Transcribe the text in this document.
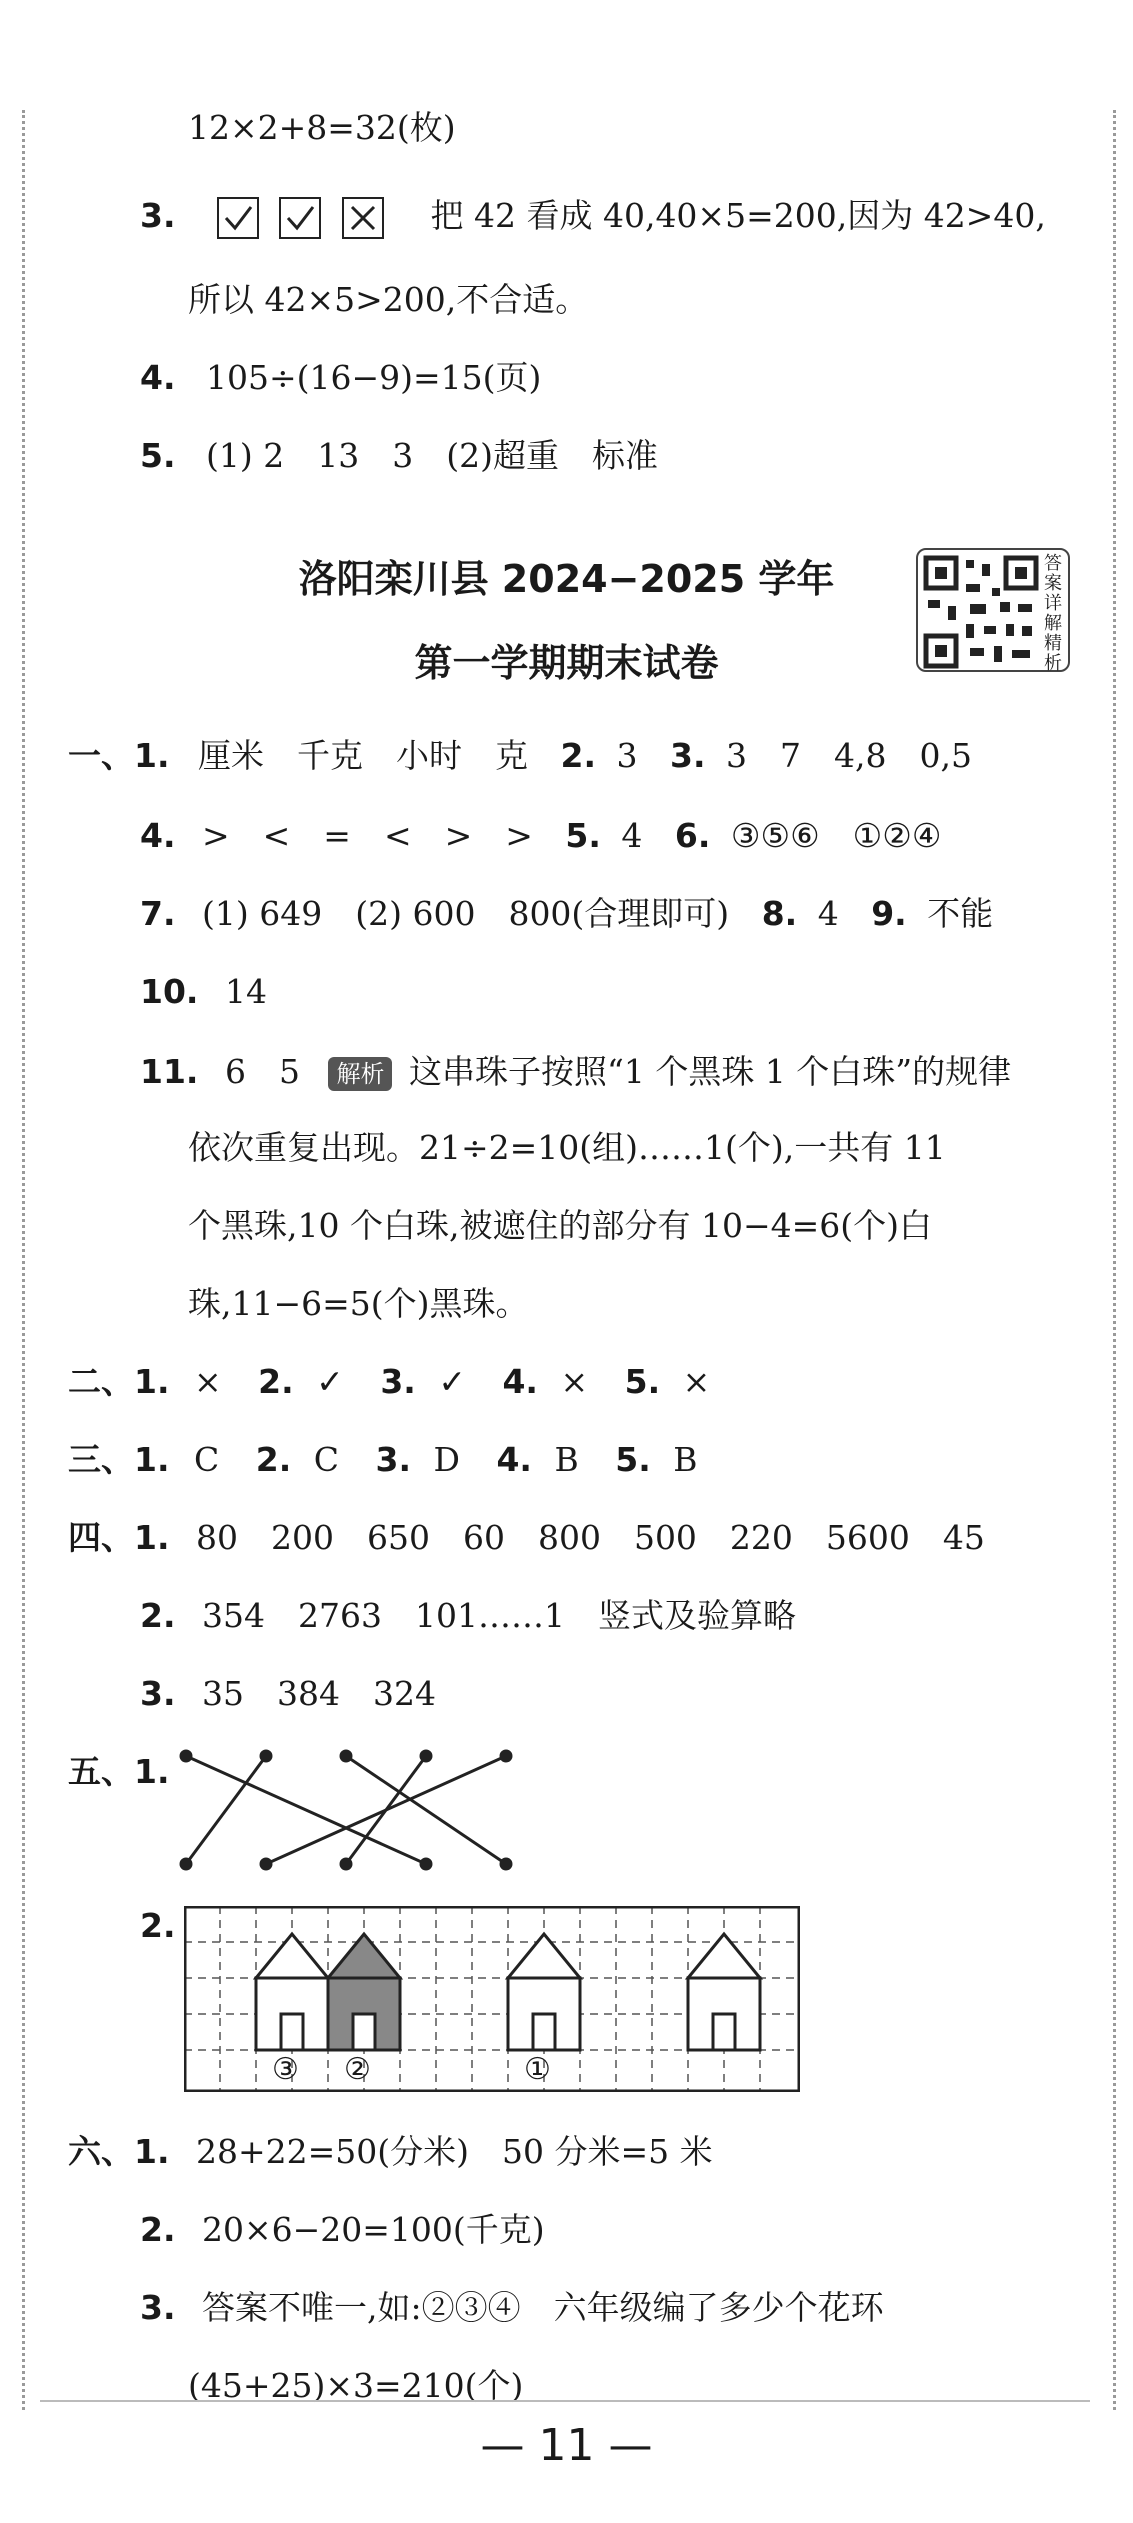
12×2+8=32(枚)
3.	把 42 看成 40,40×5=200,因为 42>40,
所以 42×5>200,不合适。
4. 105÷(16−9)=15(页)
5. (1) 2　13　3　(2)超重　标准
洛阳栾川县 2024−2025 学年
第一学期期末试卷
答案详解精析
一、1. 厘米　千克　小时　克 2. 3 3. 3　7　4,8　0,5
4. >　<　=　<　>　> 5. 4 6. ③⑤⑥　①②④
7. (1) 649　(2) 600　800(合理即可) 8. 4 9. 不能
10. 14
11. 6　5 解析 这串珠子按照“1 个黑珠 1 个白珠”的规律
依次重复出现。21÷2=10(组)……1(个),一共有 11
个黑珠,10 个白珠,被遮住的部分有 10−4=6(个)白
珠,11−6=5(个)黑珠。
二、1. × 2. ✓ 3. ✓ 4. × 5. ×
三、1. C 2. C 3. D 4. B 5. B
四、1. 80　200　650　60　800　500　220　5600　45
2. 354　2763　101……1　竖式及验算略
3. 35　384　324
五、1.
2.
③ ②	①
六、1. 28+22=50(分米)　50 分米=5 米
2. 20×6−20=100(千克)
3. 答案不唯一,如:②③④　六年级编了多少个花环
(45+25)×3=210(个)
— 11 —
